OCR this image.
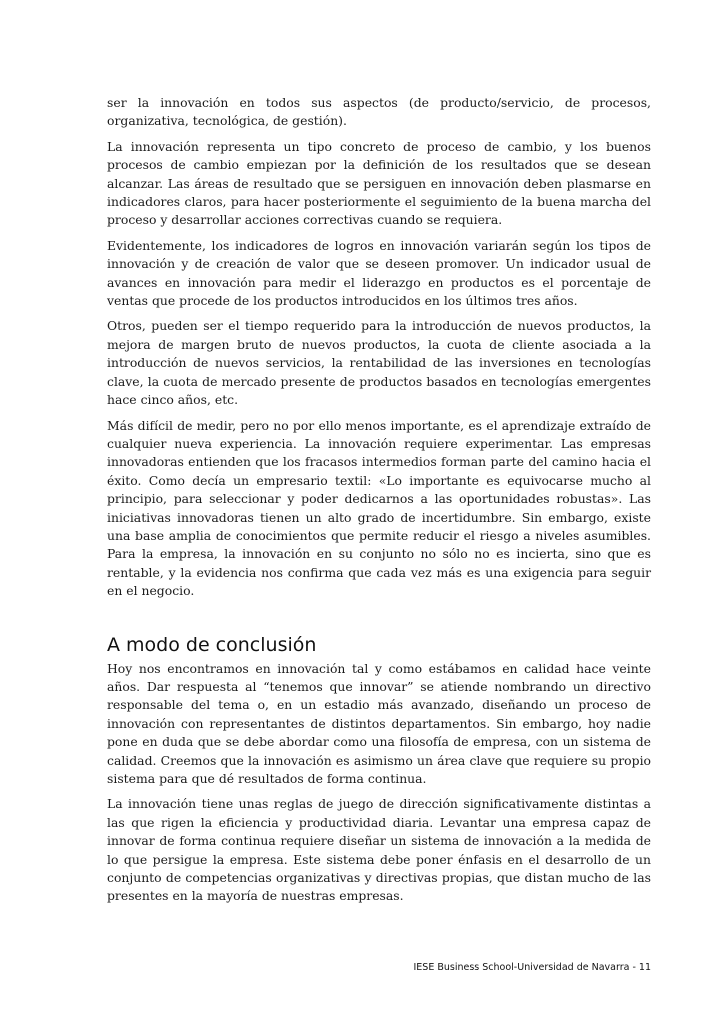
ser la innovación en todos sus aspectos (de producto/servicio, de procesos, organizativa, tecnológica, de gestión).

La innovación representa un tipo concreto de proceso de cambio, y los buenos procesos de cambio empiezan por la definición de los resultados que se desean alcanzar. Las áreas de resultado que se persiguen en innovación deben plasmarse en indicadores claros, para hacer posteriormente el seguimiento de la buena marcha del proceso y desarrollar acciones correctivas cuando se requiera.

Evidentemente, los indicadores de logros en innovación variarán según los tipos de innovación y de creación de valor que se deseen promover. Un indicador usual de avances en innovación para medir el liderazgo en productos es el porcentaje de ventas que procede de los productos introducidos en los últimos tres años.

Otros, pueden ser el tiempo requerido para la introducción de nuevos productos, la mejora de margen bruto de nuevos productos, la cuota de cliente asociada a la introducción de nuevos servicios, la rentabilidad de las inversiones en tecnologías clave, la cuota de mercado presente de productos basados en tecnologías emergentes hace cinco años, etc.

Más difícil de medir, pero no por ello menos importante, es el aprendizaje extraído de cualquier nueva experiencia. La innovación requiere experimentar. Las empresas innovadoras entienden que los fracasos intermedios forman parte del camino hacia el éxito. Como decía un empresario textil: «Lo importante es equivocarse mucho al principio, para seleccionar y poder dedicarnos a las oportunidades robustas». Las iniciativas innovadoras tienen un alto grado de incertidumbre. Sin embargo, existe una base amplia de conocimientos que permite reducir el riesgo a niveles asumibles. Para la empresa, la innovación en su conjunto no sólo no es incierta, sino que es rentable, y la evidencia nos confirma que cada vez más es una exigencia para seguir en el negocio.

A modo de conclusión

Hoy nos encontramos en innovación tal y como estábamos en calidad hace veinte años. Dar respuesta al “tenemos que innovar” se atiende nombrando un directivo responsable del tema o, en un estadio más avanzado, diseñando un proceso de innovación con representantes de distintos departamentos. Sin embargo, hoy nadie pone en duda que se debe abordar como una filosofía de empresa, con un sistema de calidad. Creemos que la innovación es asimismo un área clave que requiere su propio sistema para que dé resultados de forma continua.

La innovación tiene unas reglas de juego de dirección significativamente distintas a las que rigen la eficiencia y productividad diaria. Levantar una empresa capaz de innovar de forma continua requiere diseñar un sistema de innovación a la medida de lo que persigue la empresa. Este sistema debe poner énfasis en el desarrollo de un conjunto de competencias organizativas y directivas propias, que distan mucho de las presentes en la mayoría de nuestras empresas.

IESE Business School-Universidad de Navarra - 11
